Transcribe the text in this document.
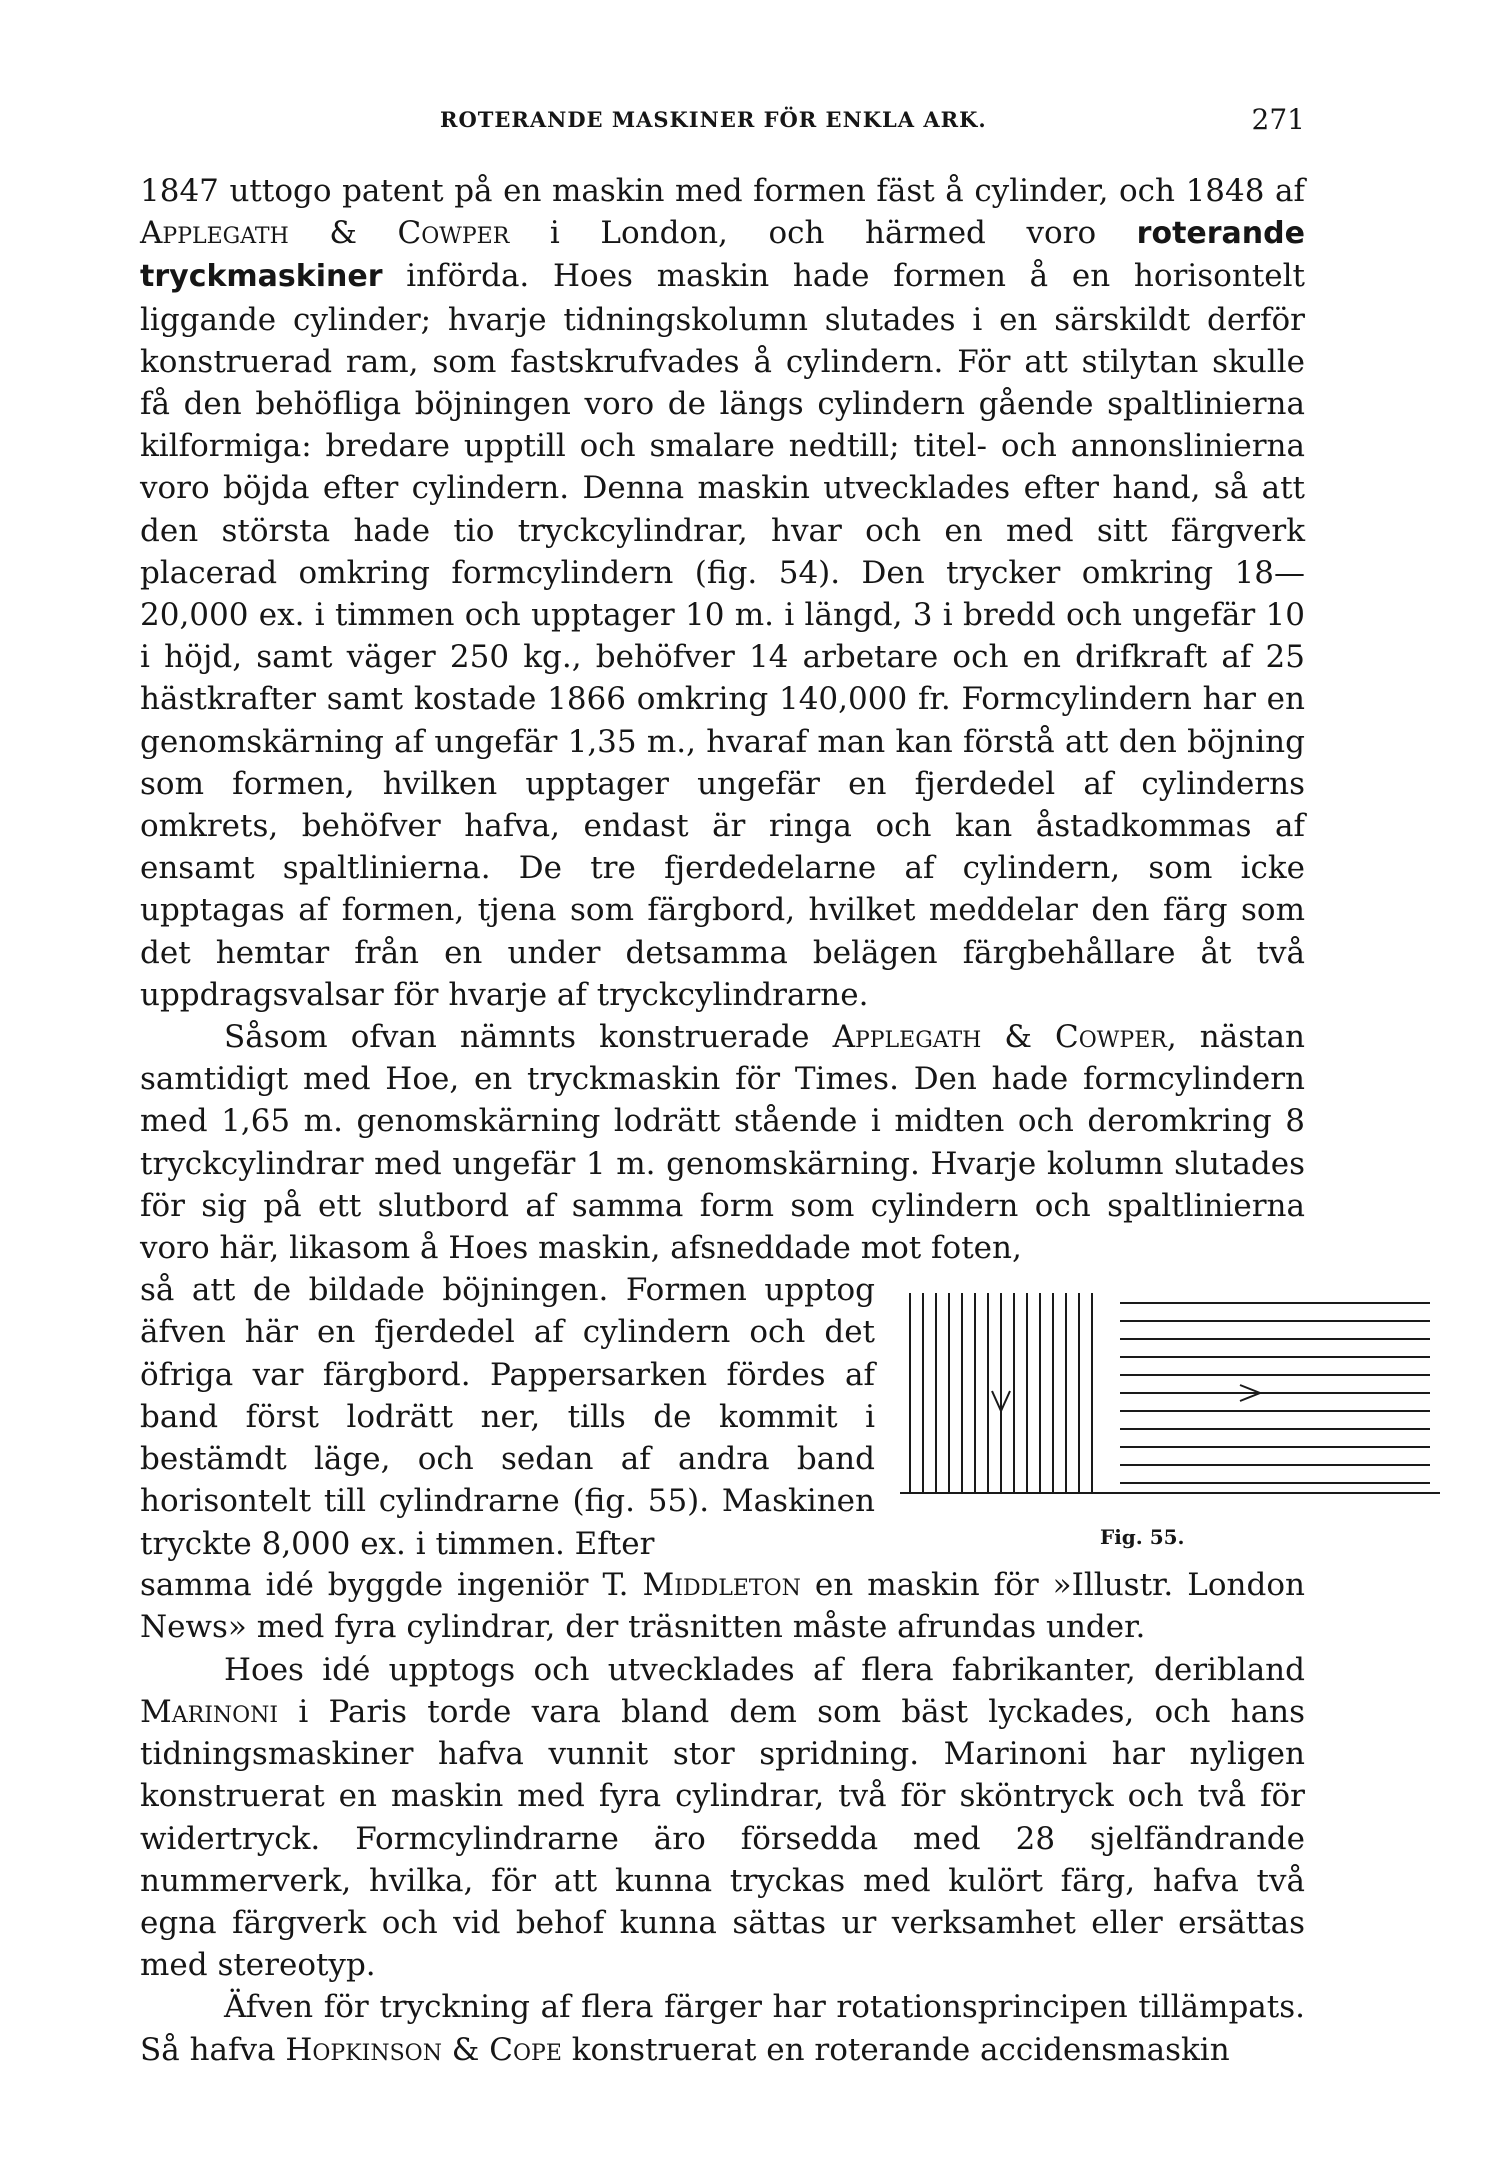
ROTERANDE MASKINER FÖR ENKLA ARK.	271

1847 uttogo patent på en maskin med formen fäst å cylinder, och 1848 af Applegath & Cowper i London, och härmed voro roterande tryckmaskiner införda. Hoes maskin hade formen å en horisontelt liggande cylinder; hvarje tidningskolumn slutades i en särskildt derför konstruerad ram, som fastskrufvades å cylindern. För att stilytan skulle få den behöfliga böjningen voro de längs cylindern gående spaltlinierna kilformiga: bredare upptill och smalare nedtill; titel- och annonslinierna voro böjda efter cylindern. Denna maskin utvecklades efter hand, så att den största hade tio tryckcylindrar, hvar och en med sitt färgverk placerad omkring formcylindern (fig. 54). Den trycker omkring 18—20,000 ex. i timmen och upptager 10 m. i längd, 3 i bredd och ungefär 10 i höjd, samt väger 250 kg., behöfver 14 arbetare och en drifkraft af 25 hästkrafter samt kostade 1866 omkring 140,000 fr. Formcylindern har en genomskärning af ungefär 1,35 m., hvaraf man kan förstå att den böjning som formen, hvilken upptager ungefär en fjerdedel af cylinderns omkrets, behöfver hafva, endast är ringa och kan åstadkommas af ensamt spaltlinierna. De tre fjerdedelarne af cylindern, som icke upptagas af formen, tjena som färgbord, hvilket meddelar den färg som det hemtar från en under detsamma belägen färgbehållare åt två uppdragsvalsar för hvarje af tryckcylindrarne.

Såsom ofvan nämnts konstruerade Applegath & Cowper, nästan samtidigt med Hoe, en tryckmaskin för Times. Den hade formcylindern med 1,65 m. genomskärning lodrätt stående i midten och deromkring 8 tryckcylindrar med ungefär 1 m. genomskärning. Hvarje kolumn slutades för sig på ett slutbord af samma form som cylindern och spaltlinierna voro här, likasom å Hoes maskin, afsneddade mot foten,

så att de bildade böjningen. Formen upptog äfven här en fjerdedel af cylindern och det öfriga var färgbord. Pappersarken fördes af band först lodrätt ner, tills de kommit i bestämdt läge, och sedan af andra band horisontelt till cylindrarne (fig. 55). Maskinen tryckte 8,000 ex. i timmen. Efter	Fig. 55.

samma idé byggde ingeniör T. Middleton en maskin för »Illustr. London News» med fyra cylindrar, der träsnitten måste afrundas under.

Hoes idé upptogs och utvecklades af flera fabrikanter, deribland Marinoni i Paris torde vara bland dem som bäst lyckades, och hans tidningsmaskiner hafva vunnit stor spridning. Marinoni har nyligen konstruerat en maskin med fyra cylindrar, två för sköntryck och två för widertryck. Formcylindrarne äro försedda med 28 sjelfändrande nummerverk, hvilka, för att kunna tryckas med kulört färg, hafva två egna färgverk och vid behof kunna sättas ur verksamhet eller ersättas med stereotyp.

Äfven för tryckning af flera färger har rotationsprincipen tillämpats. Så hafva Hopkinson & Cope konstruerat en roterande accidensmaskin
